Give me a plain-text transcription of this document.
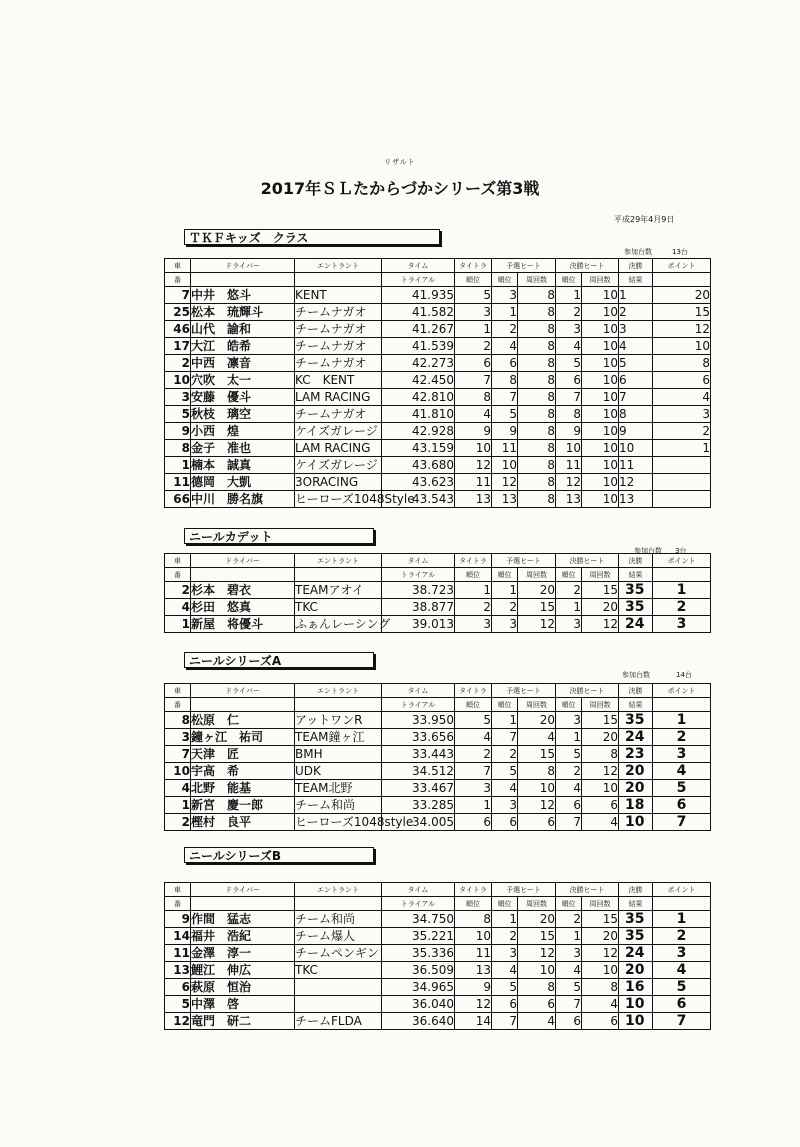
リザルト
2017年ＳＬたからづかシリーズ第3戦
平成29年4月9日
ＴＫＦキッズ　クラス
参加台数	13台
車	ドライバー	エントラント	タイム	タイトラ	予選ヒート		決勝ヒート		決勝	ポイント
番			トライアル	順位	順位	周回数	順位	周回数	結果	
7	中井　悠斗	KENT	41.935	5	3	8	1	10	1	20
25	松本　琉輝斗	チームナガオ	41.582	3	1	8	2	10	2	15
46	山代　諭和	チームナガオ	41.267	1	2	8	3	10	3	12
17	大江　皓希	チームナガオ	41.539	2	4	8	4	10	4	10
2	中西　凛音	チームナガオ	42.273	6	6	8	5	10	5	8
10	穴吹　太一	KC　KENT	42.450	7	8	8	6	10	6	6
3	安藤　優斗	LAM RACING	42.810	8	7	8	7	10	7	4
5	秋枝　璃空	チームナガオ	41.810	4	5	8	8	10	8	3
9	小西　煌	ケイズガレージ	42.928	9	9	8	9	10	9	2
8	金子　准也	LAM RACING	43.159	10	11	8	10	10	10	1
1	楠本　誠真	ケイズガレージ	43.680	12	10	8	11	10	11	
11	德岡　大凱	3ORACING	43.623	11	12	8	12	10	12	
66	中川　勝名旗	ヒーローズ1048Style	43.543	13	13	8	13	10	13	
ニールカデット
参加台数 3台
車	ドライバー	エントラント	タイム	タイトラ	予選ヒート		決勝ヒート		決勝	ポイント
番			トライアル	順位	順位	周回数	順位	周回数	結果	
2	杉本　碧衣	TEAMアオイ	38.723	1	1	20	2	15	35	1
4	杉田　悠真	TKC	38.877	2	2	15	1	20	35	2
1	新屋　将優斗	ふぁんレーシング	39.013	3	3	12	3	12	24	3
ニールシリーズA
参加台数	14台
車	ドライバー	エントラント	タイム	タイトラ	予選ヒート		決勝ヒート		決勝	ポイント
番			トライアル	順位	順位	周回数	順位	周回数	結果	
8	松原　仁	アットワンR	33.950	5	1	20	3	15	35	1
3	鐘ヶ江　祐司	TEAM鐘ヶ江	33.656	4	7	4	1	20	24	2
7	天津　匠	BMH	33.443	2	2	15	5	8	23	3
10	宇高　希	UDK	34.512	7	5	8	2	12	20	4
4	北野　能基	TEAM北野	33.467	3	4	10	4	10	20	5
1	新宮　慶一郎	チーム和尚	33.285	1	3	12	6	6	18	6
2	樫村　良平	ヒーローズ1048style	34.005	6	6	6	7	4	10	7
ニールシリーズB
車	ドライバー	エントラント	タイム	タイトラ	予選ヒート		決勝ヒート		決勝	ポイント
番			トライアル	順位	順位	周回数	順位	周回数	結果	
9	作間　猛志	チーム和尚	34.750	8	1	20	2	15	35	1
14	福井　浩紀	チーム爆人	35.221	10	2	15	1	20	35	2
11	金澤　淳一	チームペンギン	35.336	11	3	12	3	12	24	3
13	鯉江　伸広	TKC	36.509	13	4	10	4	10	20	4
6	萩原　恒治		34.965	9	5	8	5	8	16	5
5	中澤　啓		36.040	12	6	6	7	4	10	6
12	竜門　研二	チームFLDA	36.640	14	7	4	6	6	10	7
